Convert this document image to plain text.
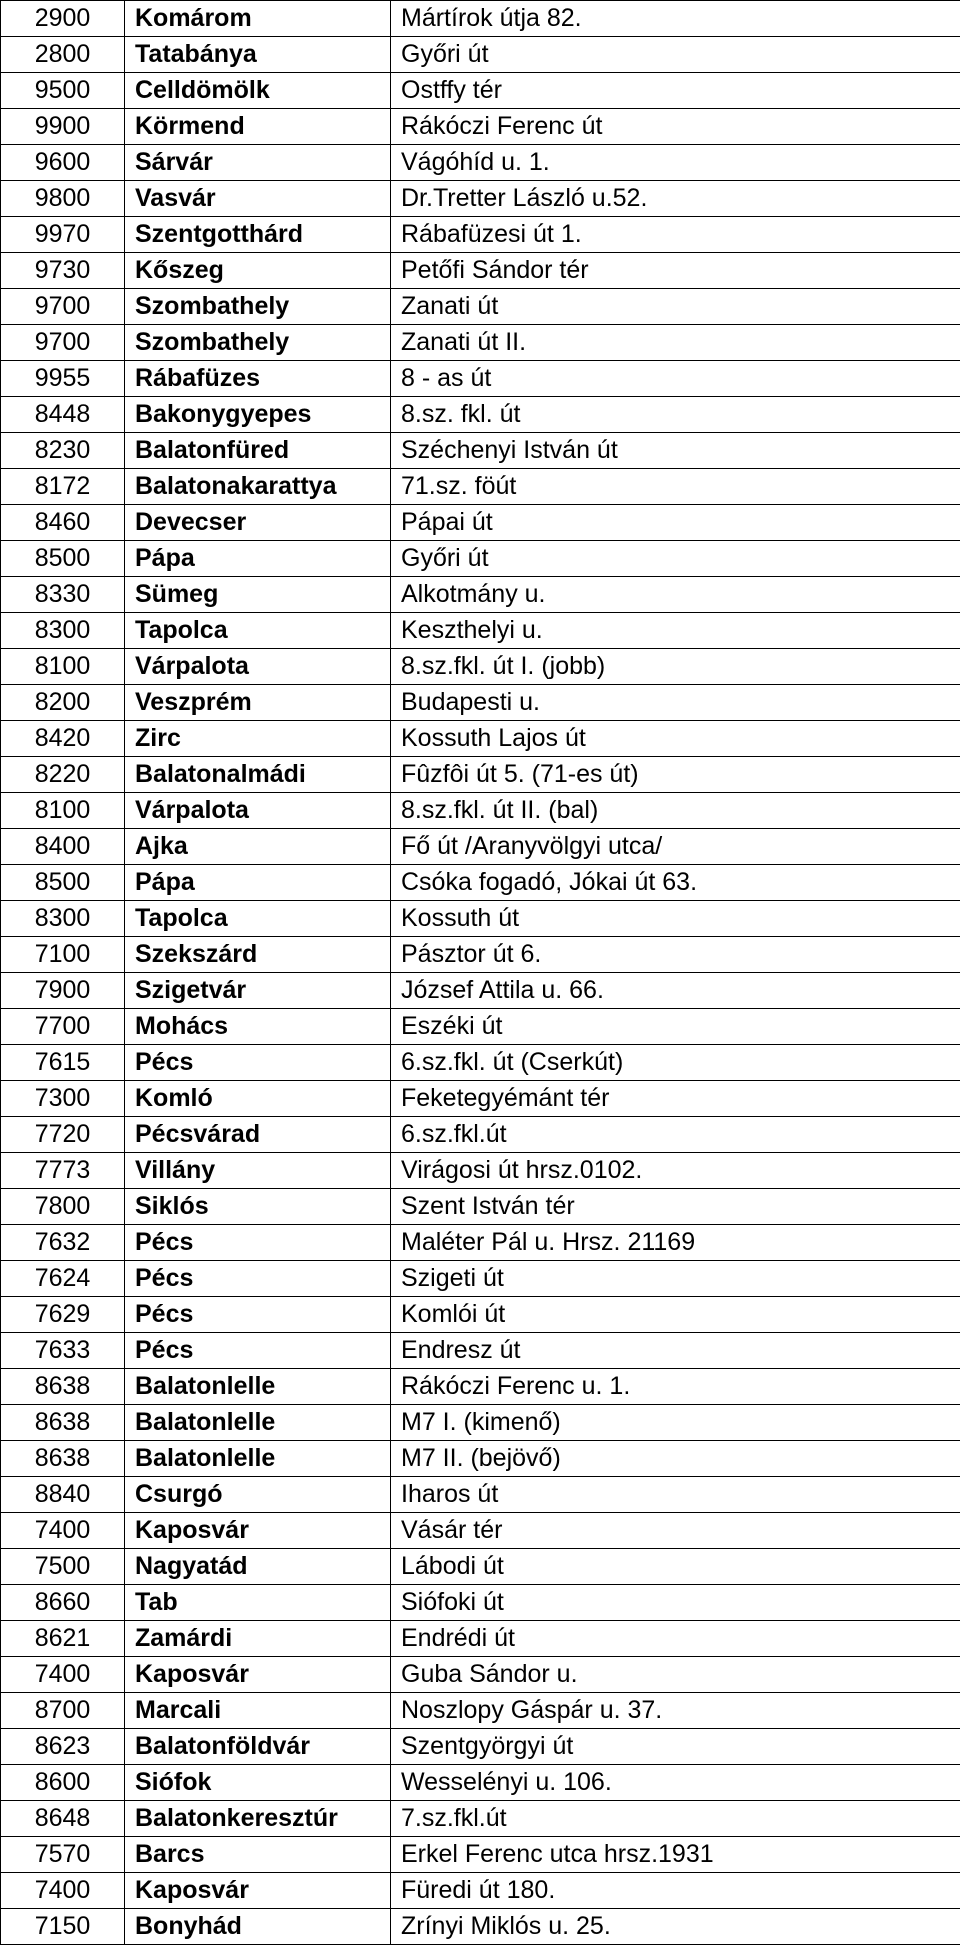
2900	Komárom	Mártírok útja 82.
2800	Tatabánya	Győri út
9500	Celldömölk	Ostffy tér
9900	Körmend	Rákóczi Ferenc út
9600	Sárvár	Vágóhíd u. 1.
9800	Vasvár	Dr.Tretter László u.52.
9970	Szentgotthárd	Rábafüzesi út 1.
9730	Kőszeg	Petőfi Sándor tér
9700	Szombathely	Zanati út
9700	Szombathely	Zanati út II.
9955	Rábafüzes	8 - as út
8448	Bakonygyepes	8.sz. fkl. út
8230	Balatonfüred	Széchenyi István út
8172	Balatonakarattya	71.sz. föút
8460	Devecser	Pápai út
8500	Pápa	Győri út
8330	Sümeg	Alkotmány u.
8300	Tapolca	Keszthelyi u.
8100	Várpalota	8.sz.fkl. út I. (jobb)
8200	Veszprém	Budapesti u.
8420	Zirc	Kossuth Lajos út
8220	Balatonalmádi	Fûzfôi út 5. (71-es út)
8100	Várpalota	8.sz.fkl. út II. (bal)
8400	Ajka	Fő út /Aranyvölgyi utca/
8500	Pápa	Csóka fogadó, Jókai út 63.
8300	Tapolca	Kossuth út
7100	Szekszárd	Pásztor út 6.
7900	Szigetvár	József Attila u. 66.
7700	Mohács	Eszéki út
7615	Pécs	6.sz.fkl. út (Cserkút)
7300	Komló	Feketegyémánt tér
7720	Pécsvárad	6.sz.fkl.út
7773	Villány	Virágosi út hrsz.0102.
7800	Siklós	Szent István tér
7632	Pécs	Maléter Pál u. Hrsz. 21169
7624	Pécs	Szigeti út
7629	Pécs	Komlói út
7633	Pécs	Endresz út
8638	Balatonlelle	Rákóczi Ferenc u. 1.
8638	Balatonlelle	M7 I. (kimenő)
8638	Balatonlelle	M7 II. (bejövő)
8840	Csurgó	Iharos út
7400	Kaposvár	Vásár tér
7500	Nagyatád	Lábodi út
8660	Tab	Siófoki út
8621	Zamárdi	Endrédi út
7400	Kaposvár	Guba Sándor u.
8700	Marcali	Noszlopy Gáspár u. 37.
8623	Balatonföldvár	Szentgyörgyi út
8600	Siófok	Wesselényi u. 106.
8648	Balatonkeresztúr	7.sz.fkl.út
7570	Barcs	Erkel Ferenc utca hrsz.1931
7400	Kaposvár	Füredi út 180.
7150	Bonyhád	Zrínyi Miklós u. 25.
